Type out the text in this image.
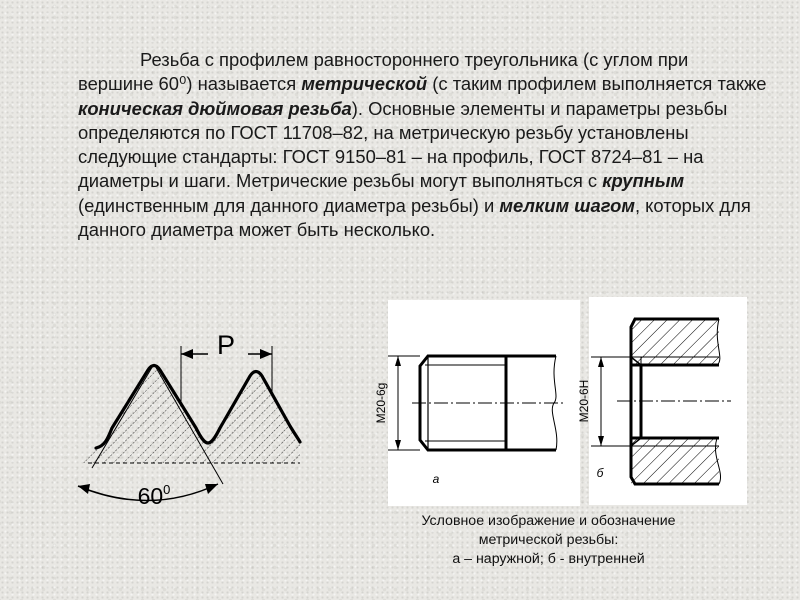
Резьба с профилем равностороннего треугольника (с углом при вершине 60⁰) называется метрической (с таким профилем выполняется также коническая дюймовая резьба). Основные элементы и параметры резьбы определяются по ГОСТ 11708–82, на метрическую резьбу установлены следующие стандарты: ГОСТ 9150–81 – на профиль, ГОСТ 8724–81 – на диаметры и шаги. Метрические резьбы могут выполняться с крупным (единственным для данного диаметра резьбы) и мелким шагом, которых для данного диаметра может быть несколько.
P
$60^0$
М20-6g
а
М20-6H
б
Условное изображение и обозначение
метрической резьбы:
а – наружной; б - внутренней
